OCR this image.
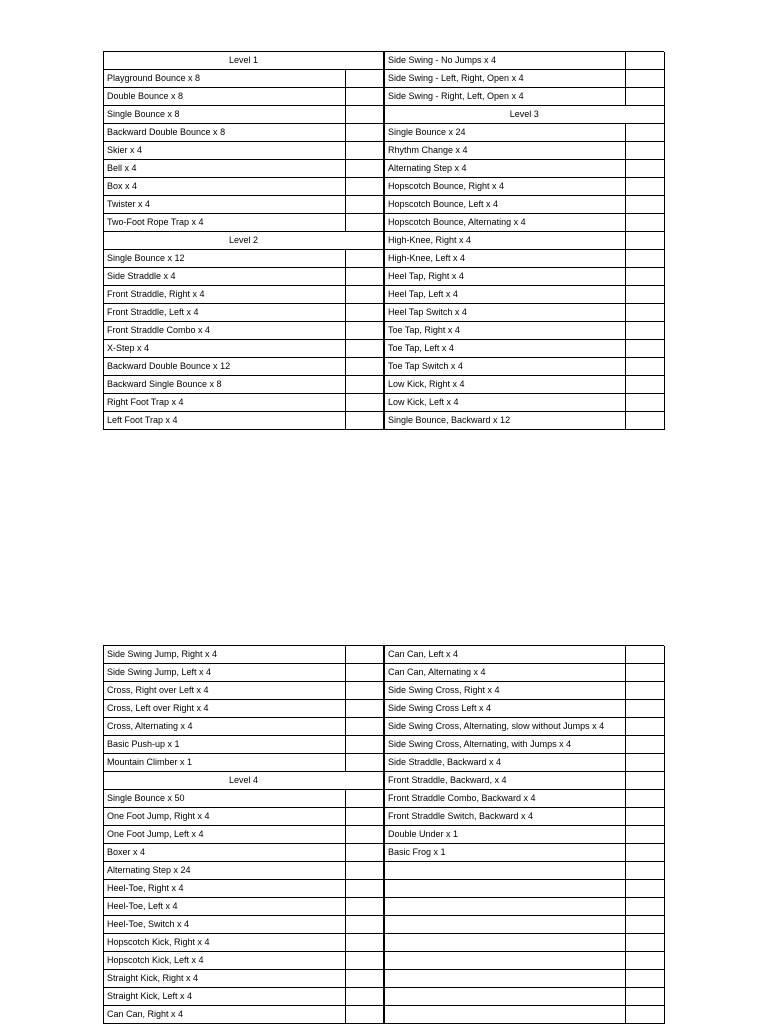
Level 1		Side Swing - No Jumps x 4	
Playground Bounce x 8		Side Swing - Left, Right, Open x 4	
Double Bounce x 8		Side Swing - Right, Left, Open x 4	
Single Bounce x 8		Level 3	
Backward Double Bounce x 8		Single Bounce x 24	
Skier x 4		Rhythm Change x 4	
Bell x 4		Alternating Step x 4	
Box x 4		Hopscotch Bounce, Right x 4	
Twister x 4		Hopscotch Bounce, Left x 4	
Two-Foot Rope Trap x 4		Hopscotch Bounce, Alternating x 4	
Level 2		High-Knee, Right x 4	
Single Bounce x 12		High-Knee, Left x 4	
Side Straddle x 4		Heel Tap, Right x 4	
Front Straddle, Right x 4		Heel Tap, Left x 4	
Front Straddle, Left x 4		Heel Tap Switch x 4	
Front Straddle Combo x 4		Toe Tap, Right x 4	
X-Step x 4		Toe Tap, Left x 4	
Backward Double Bounce x 12		Toe Tap Switch x 4	
Backward Single Bounce x 8		Low Kick, Right x 4	
Right Foot Trap x 4		Low Kick, Left x 4	
Left Foot Trap x 4		Single Bounce, Backward x 12	
Side Swing Jump, Right x 4		Can Can, Left x 4	
Side Swing Jump, Left x 4		Can Can, Alternating x 4	
Cross, Right over Left x 4		Side Swing Cross, Right x 4	
Cross, Left over Right x 4		Side Swing Cross Left x 4	
Cross, Alternating x 4		Side Swing Cross, Alternating, slow without Jumps x 4	
Basic Push-up x 1		Side Swing Cross, Alternating, with Jumps x 4	
Mountain Climber x 1		Side Straddle, Backward x 4	
Level 4		Front Straddle, Backward, x 4	
Single Bounce x 50		Front Straddle Combo, Backward x 4	
One Foot Jump, Right x 4		Front Straddle Switch, Backward x 4	
One Foot Jump, Left x 4		Double Under x 1	
Boxer x 4		Basic Frog x 1	
Alternating Step x 24			
Heel-Toe, Right x 4			
Heel-Toe, Left x 4			
Heel-Toe, Switch x 4			
Hopscotch Kick, Right x 4			
Hopscotch Kick, Left x 4			
Straight Kick, Right x 4			
Straight Kick, Left x 4			
Can Can, Right x 4			
